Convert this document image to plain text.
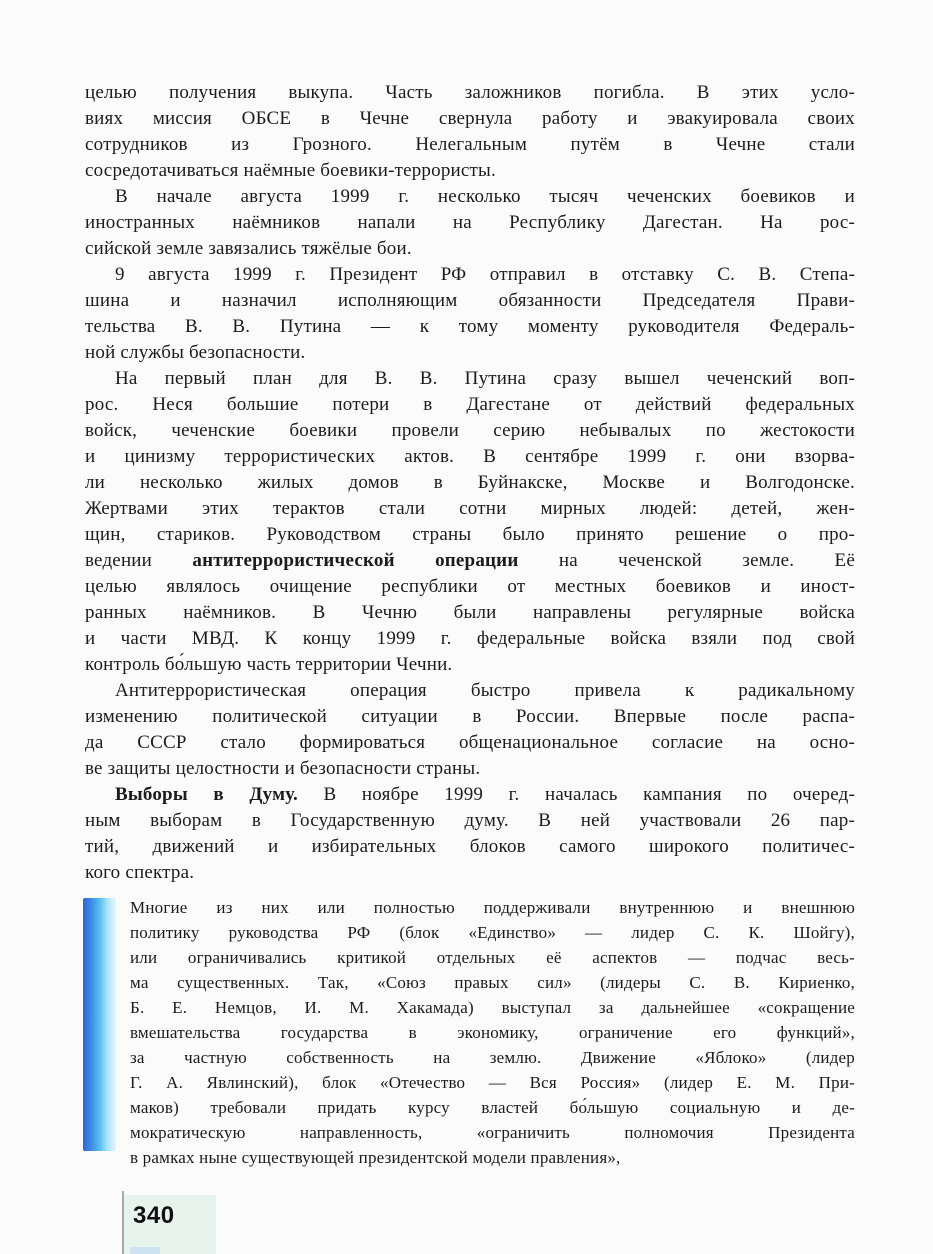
целью получения выкупа. Часть заложников погибла. В этих усло-
виях миссия ОБСЕ в Чечне свернула работу и эвакуировала своих
сотрудников из Грозного. Нелегальным путём в Чечне стали
сосредотачиваться наёмные боевики-террористы.
В начале августа 1999 г. несколько тысяч чеченских боевиков и
иностранных наёмников напали на Республику Дагестан. На рос-
сийской земле завязались тяжёлые бои.
9 августа 1999 г. Президент РФ отправил в отставку С. В. Степа-
шина и назначил исполняющим обязанности Председателя Прави-
тельства В. В. Путина — к тому моменту руководителя Федераль-
ной службы безопасности.
На первый план для В. В. Путина сразу вышел чеченский воп-
рос. Неся большие потери в Дагестане от действий федеральных
войск, чеченские боевики провели серию небывалых по жестокости
и цинизму террористических актов. В сентябре 1999 г. они взорва-
ли несколько жилых домов в Буйнакске, Москве и Волгодонске.
Жертвами этих терактов стали сотни мирных людей: детей, жен-
щин, стариков. Руководством страны было принято решение о про-
ведении антитеррористической операции на чеченской земле. Её
целью являлось очищение республики от местных боевиков и иност-
ранных наёмников. В Чечню были направлены регулярные войска
и части МВД. К концу 1999 г. федеральные войска взяли под свой
контроль бо́льшую часть территории Чечни.
Антитеррористическая операция быстро привела к радикальному
изменению политической ситуации в России. Впервые после распа-
да СССР стало формироваться общенациональное согласие на осно-
ве защиты целостности и безопасности страны.
Выборы в Думу. В ноябре 1999 г. началась кампания по очеред-
ным выборам в Государственную думу. В ней участвовали 26 пар-
тий, движений и избирательных блоков самого широкого политичес-
кого спектра.
Многие из них или полностью поддерживали внутреннюю и внешнюю
политику руководства РФ (блок «Единство» — лидер С. К. Шойгу),
или ограничивались критикой отдельных её аспектов — подчас весь-
ма существенных. Так, «Союз правых сил» (лидеры С. В. Кириенко,
Б. Е. Немцов, И. М. Хакамада) выступал за дальнейшее «сокращение
вмешательства государства в экономику, ограничение его функций»,
за частную собственность на землю. Движение «Яблоко» (лидер
Г. А. Явлинский), блок «Отечество — Вся Россия» (лидер Е. М. При-
маков) требовали придать курсу властей бо́льшую социальную и де-
мократическую направленность, «ограничить полномочия Президента
в рамках ныне существующей президентской модели правления»,
340
